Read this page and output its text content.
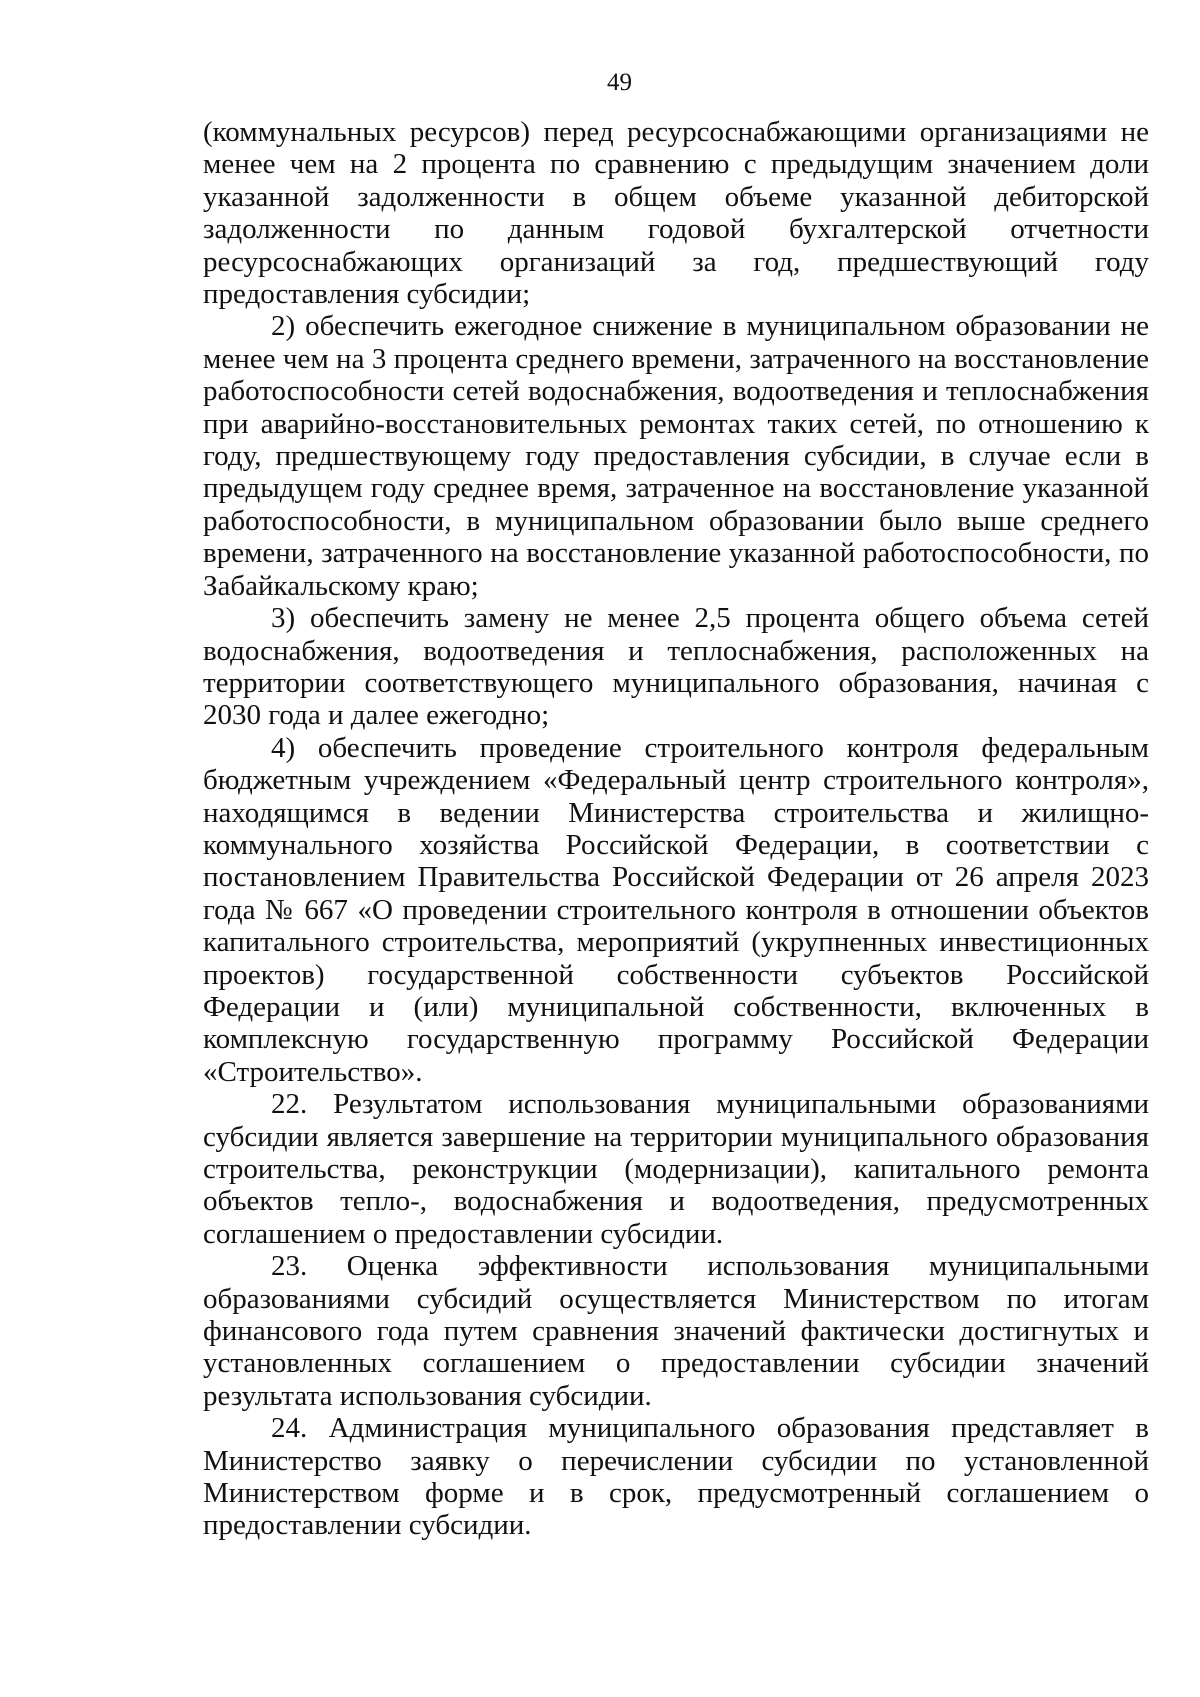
49

(коммунальных ресурсов) перед ресурсоснабжающими организациями не менее чем на 2 процента по сравнению с предыдущим значением доли указанной задолженности в общем объеме указанной дебиторской задолженности по данным годовой бухгалтерской отчетности ресурсоснабжающих организаций за год, предшествующий году предоставления субсидии;

2) обеспечить ежегодное снижение в муниципальном образовании не менее чем на 3 процента среднего времени, затраченного на восстановление работоспособности сетей водоснабжения, водоотведения и теплоснабжения при аварийно-восстановительных ремонтах таких сетей, по отношению к году, предшествующему году предоставления субсидии, в случае если в предыдущем году среднее время, затраченное на восстановление указанной работоспособности, в муниципальном образовании было выше среднего времени, затраченного на восстановление указанной работоспособности, по Забайкальскому краю;

3) обеспечить замену не менее 2,5 процента общего объема сетей водоснабжения, водоотведения и теплоснабжения, расположенных на территории соответствующего муниципального образования, начиная с 2030 года и далее ежегодно;

4) обеспечить проведение строительного контроля федеральным бюджетным учреждением «Федеральный центр строительного контроля», находящимся в ведении Министерства строительства и жилищно-коммунального хозяйства Российской Федерации, в соответствии с постановлением Правительства Российской Федерации от 26 апреля 2023 года № 667 «О проведении строительного контроля в отношении объектов капитального строительства, мероприятий (укрупненных инвестиционных проектов) государственной собственности субъектов Российской Федерации и (или) муниципальной собственности, включенных в комплексную государственную программу Российской Федерации «Строительство».

22. Результатом использования муниципальными образованиями субсидии является завершение на территории муниципального образования строительства, реконструкции (модернизации), капитального ремонта объектов тепло-, водоснабжения и водоотведения, предусмотренных соглашением о предоставлении субсидии.

23. Оценка эффективности использования муниципальными образованиями субсидий осуществляется Министерством по итогам финансового года путем сравнения значений фактически достигнутых и установленных соглашением о предоставлении субсидии значений результата использования субсидии.

24. Администрация муниципального образования представляет в Министерство заявку о перечислении субсидии по установленной Министерством форме и в срок, предусмотренный соглашением о предоставлении субсидии.
